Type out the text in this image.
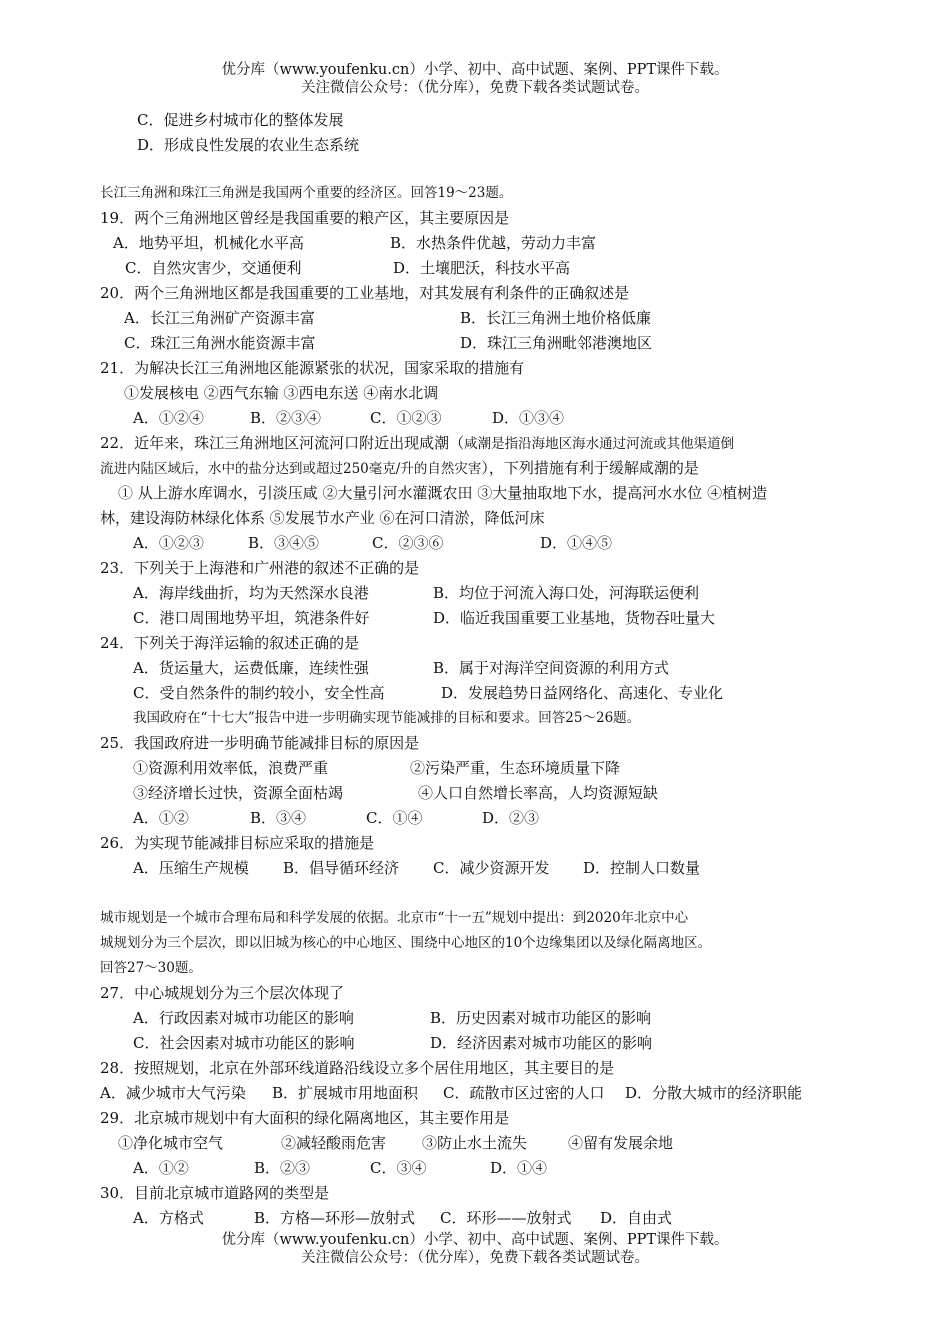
优分库（www.youfenku.cn）小学、初中、高中试题、案例、PPT课件下载。
关注微信公众号：（优分库），免费下载各类试题试卷。
C．促进乡村城市化的整体发展
D．形成良性发展的农业生态系统
长江三角洲和珠江三角洲是我国两个重要的经济区。回答19～23题。
19．两个三角洲地区曾经是我国重要的粮产区，其主要原因是
A．地势平坦，机械化水平高	B．水热条件优越，劳动力丰富
C．自然灾害少，交通便利	D．土壤肥沃，科技水平高
20．两个三角洲地区都是我国重要的工业基地，对其发展有利条件的正确叙述是
A．长江三角洲矿产资源丰富	B．长江三角洲土地价格低廉
C．珠江三角洲水能资源丰富	D．珠江三角洲毗邻港澳地区
21．为解决长江三角洲地区能源紧张的状况，国家采取的措施有
①发展核电 ②西气东输 ③西电东送 ④南水北调
A．①②④	B．②③④	C．①②③	D．①③④
22．近年来，珠江三角洲地区河流河口附近出现咸潮（咸潮是指沿海地区海水通过河流或其他渠道倒
流进内陆区域后，水中的盐分达到或超过250毫克/升的自然灾害），下列措施有利于缓解咸潮的是
① 从上游水库调水，引淡压咸 ②大量引河水灌溉农田 ③大量抽取地下水，提高河水水位 ④植树造
林，建设海防林绿化体系 ⑤发展节水产业 ⑥在河口清淤，降低河床
A．①②③	B．③④⑤	C．②③⑥	D．①④⑤
23．下列关于上海港和广州港的叙述不正确的是
A．海岸线曲折，均为天然深水良港	B．均位于河流入海口处，河海联运便利
C．港口周围地势平坦，筑港条件好	D．临近我国重要工业基地，货物吞吐量大
24．下列关于海洋运输的叙述正确的是
A．货运量大，运费低廉，连续性强	B．属于对海洋空间资源的利用方式
C．受自然条件的制约较小，安全性高	D．发展趋势日益网络化、高速化、专业化
我国政府在“十七大”报告中进一步明确实现节能减排的目标和要求。回答25～26题。
25．我国政府进一步明确节能减排目标的原因是
①资源利用效率低，浪费严重	②污染严重，生态环境质量下降
③经济增长过快，资源全面枯竭	④人口自然增长率高，人均资源短缺
A．①②	B．③④	C．①④	D．②③
26．为实现节能减排目标应采取的措施是
A．压缩生产规模 B．倡导循环经济 C．减少资源开发 D．控制人口数量
城市规划是一个城市合理布局和科学发展的依据。北京市“十一五”规划中提出：到2020年北京中心
城规划分为三个层次，即以旧城为核心的中心地区、围绕中心地区的10个边缘集团以及绿化隔离地区。
回答27～30题。
27．中心城规划分为三个层次体现了
A．行政因素对城市功能区的影响	B．历史因素对城市功能区的影响
C．社会因素对城市功能区的影响	D．经济因素对城市功能区的影响
28．按照规划，北京在外部环线道路沿线设立多个居住用地区，其主要目的是
A．减少城市大气污染 B．扩展城市用地面积 C．疏散市区过密的人口 D．分散大城市的经济职能
29．北京城市规划中有大面积的绿化隔离地区，其主要作用是
①净化城市空气	②减轻酸雨危害 ③防止水土流失	④留有发展余地
A．①②	B．②③	C．③④	D．①④
30．目前北京城市道路网的类型是
A．方格式	B．方格—环形—放射式 C．环形——放射式 D．自由式
优分库（www.youfenku.cn）小学、初中、高中试题、案例、PPT课件下载。
关注微信公众号：（优分库），免费下载各类试题试卷。
